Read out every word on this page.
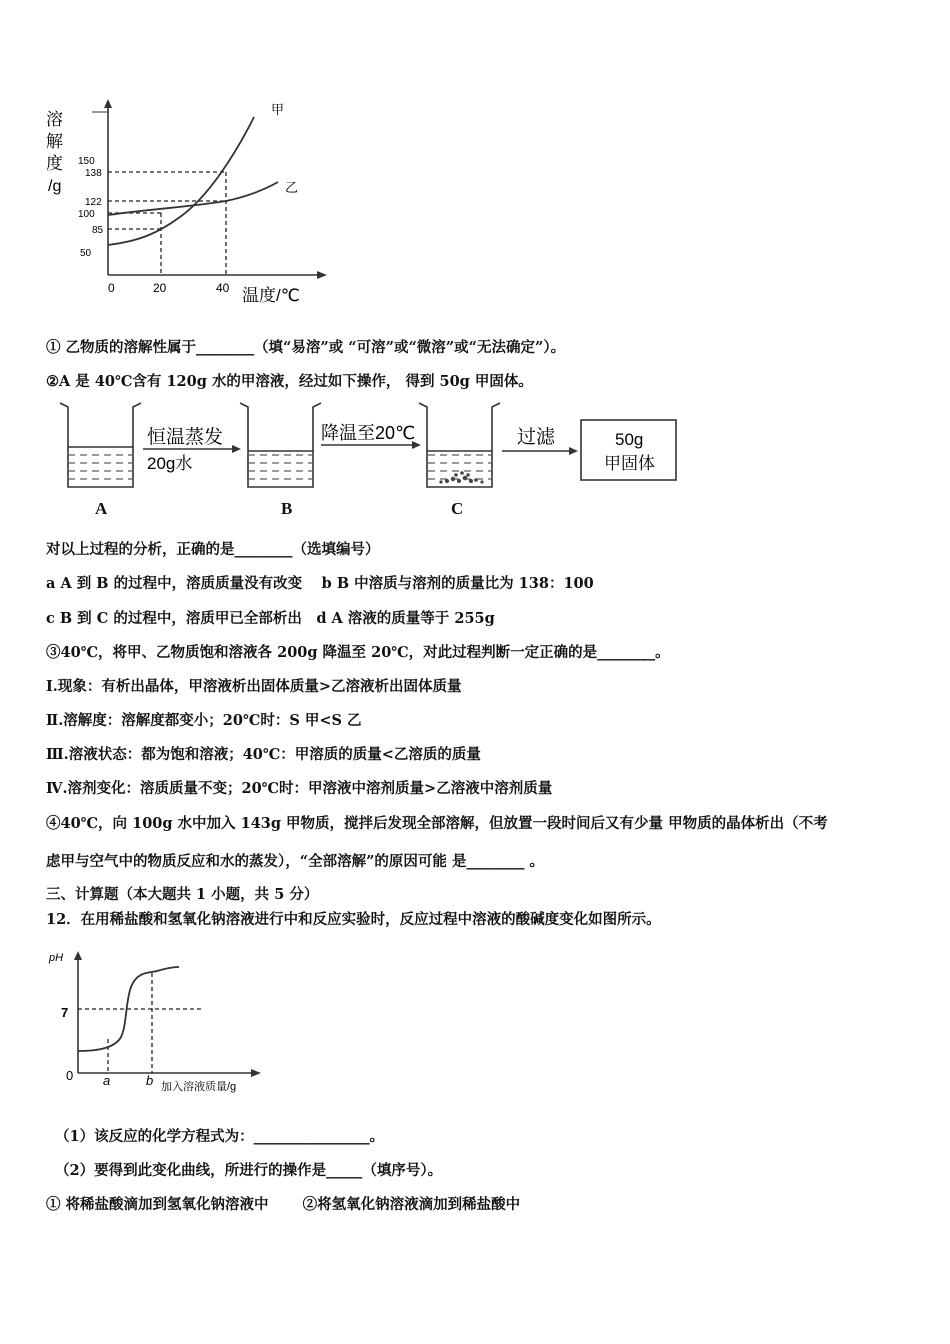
溶
解
度
/g
150
138
122
100
85
50
0	20	40 温度/℃
甲
乙
① 乙物质的溶解性属于________（填“易溶”或 “可溶”或“微溶”或“无法确定”）。
②A 是 40℃含有 120g 水的甲溶液，经过如下操作， 得到 50g 甲固体。
恒温蒸发
20g水
降温至20℃	过滤	50g
甲固体
A	B	C
对以上过程的分析，正确的是________（选填编号）
a A 到 B 的过程中，溶质质量没有改变　 b B 中溶质与溶剂的质量比为 138：100
c B 到 C 的过程中，溶质甲已全部析出　d A 溶液的质量等于 255g
③40℃，将甲、乙物质饱和溶液各 200g 降温至 20℃，对此过程判断一定正确的是________。
Ⅰ.现象：有析出晶体，甲溶液析出固体质量>乙溶液析出固体质量
Ⅱ.溶解度：溶解度都变小；20℃时：S 甲<S 乙
Ⅲ.溶液状态：都为饱和溶液；40℃：甲溶质的质量<乙溶质的质量
Ⅳ.溶剂变化：溶质质量不变；20℃时：甲溶液中溶剂质量>乙溶液中溶剂质量
④40℃，向 100g 水中加入 143g 甲物质，搅拌后发现全部溶解，但放置一段时间后又有少量 甲物质的晶体析出（不考
虑甲与空气中的物质反应和水的蒸发），“全部溶解”的原因可能 是________ 。
三、计算题（本大题共 1 小题，共 5 分）
12．在用稀盐酸和氢氧化钠溶液进行中和反应实验时，反应过程中溶液的酸碱度变化如图所示。
pH
7
0 a	b 加入溶液质量/g
（1）该反应的化学方程式为：________________。
（2）要得到此变化曲线，所进行的操作是_____（填序号）。
① 将稀盐酸滴加到氢氧化钠溶液中　　 ②将氢氧化钠溶液滴加到稀盐酸中
